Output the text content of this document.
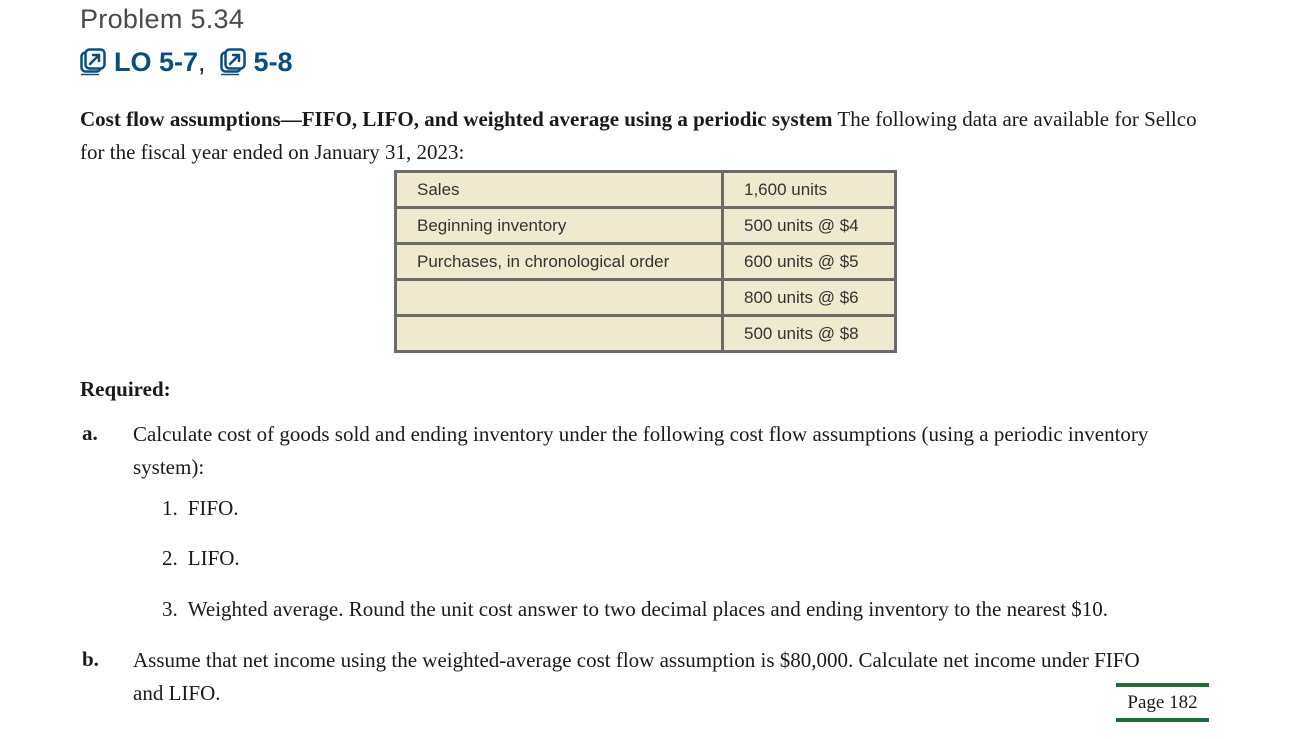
Problem 5.34
LO 5-7 , 5-8
Cost flow assumptions—FIFO, LIFO, and weighted average using a periodic system The following data are available for Sellco for the fiscal year ended on January 31, 2023:
Sales	1,600 units
Beginning inventory	500 units @ $4
Purchases, in chronological order	600 units @ $5
	800 units @ $6
	500 units @ $8
Required:
a. Calculate cost of goods sold and ending inventory under the following cost flow assumptions (using a periodic inventory system):
1. FIFO.
2. LIFO.
3. Weighted average. Round the unit cost answer to two decimal places and ending inventory to the nearest $10.
b. Assume that net income using the weighted-average cost flow assumption is $80,000. Calculate net income under FIFO and LIFO.	Page 182
